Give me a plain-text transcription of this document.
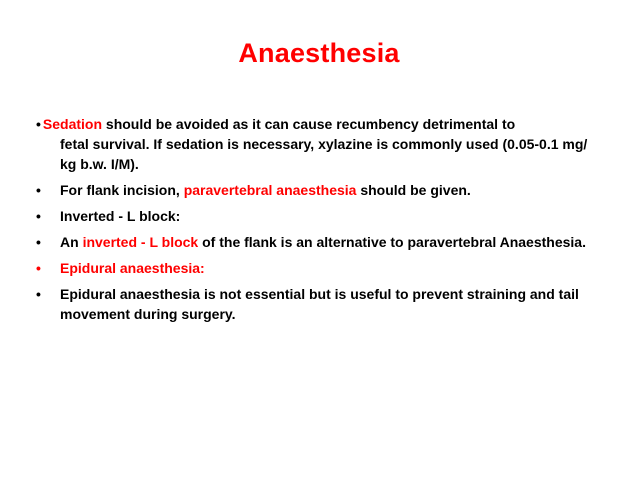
Anaesthesia
• Sedation should be avoided as it can cause recumbency detrimental to
fetal survival. If sedation is necessary, xylazine is commonly used (0.05-0.1 mg/ kg b.w. I/M).
• For flank incision, paravertebral anaesthesia should be given.
• Inverted - L block:
• An inverted - L block of the flank is an alternative to paravertebral Anaesthesia.
• Epidural anaesthesia:
• Epidural anaesthesia is not essential but is useful to prevent straining and tail movement during surgery.
